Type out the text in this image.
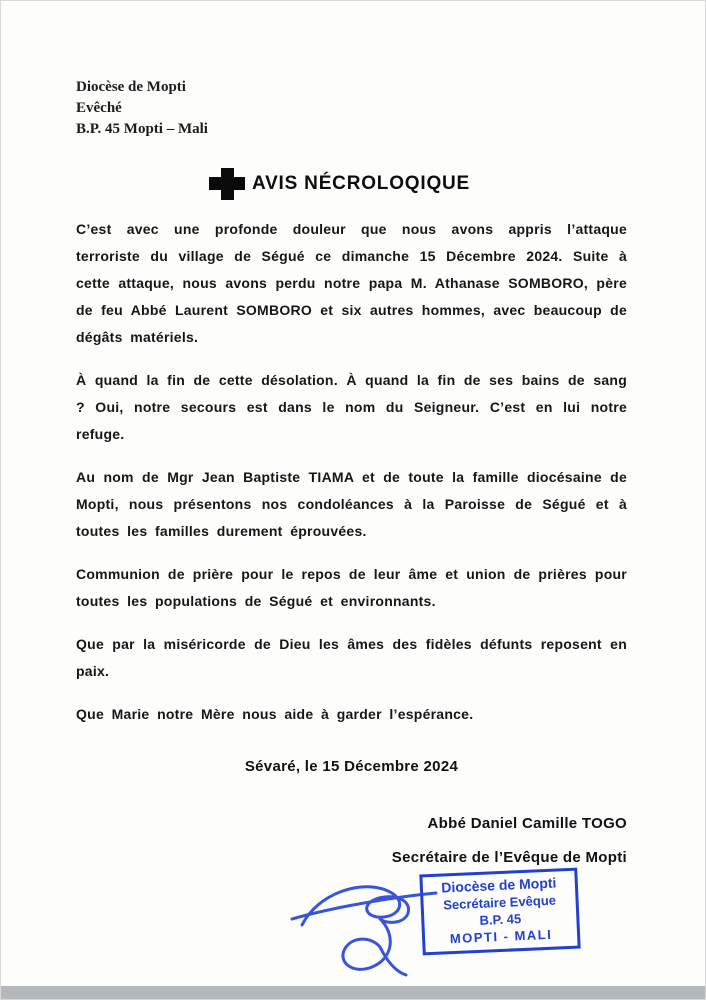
Diocèse de Mopti
Evêché
B.P. 45 Mopti – Mali
AVIS NÉCROLOQIQUE

C’est avec une profonde douleur que nous avons appris l’attaque terroriste du village de Ségué ce dimanche 15 Décembre 2024. Suite à cette attaque, nous avons perdu notre papa M. Athanase SOMBORO, père de feu Abbé Laurent SOMBORO et six autres hommes, avec beaucoup de dégâts matériels.

À quand la fin de cette désolation. À quand la fin de ses bains de sang ? Oui, notre secours est dans le nom du Seigneur. C’est en lui notre refuge.

Au nom de Mgr Jean Baptiste TIAMA et de toute la famille diocésaine de Mopti, nous présentons nos condoléances à la Paroisse de Ségué et à toutes les familles durement éprouvées.

Communion de prière pour le repos de leur âme et union de prières pour toutes les populations de Ségué et environnants.

Que par la miséricorde de Dieu les âmes des fidèles défunts reposent en paix.

Que Marie notre Mère nous aide à garder l’espérance.

Sévaré, le 15 Décembre 2024
Abbé Daniel Camille TOGO
Secrétaire de l’Evêque de Mopti
Diocèse de Mopti
Secrétaire Evêque
B.P. 45
MOPTI - MALI
